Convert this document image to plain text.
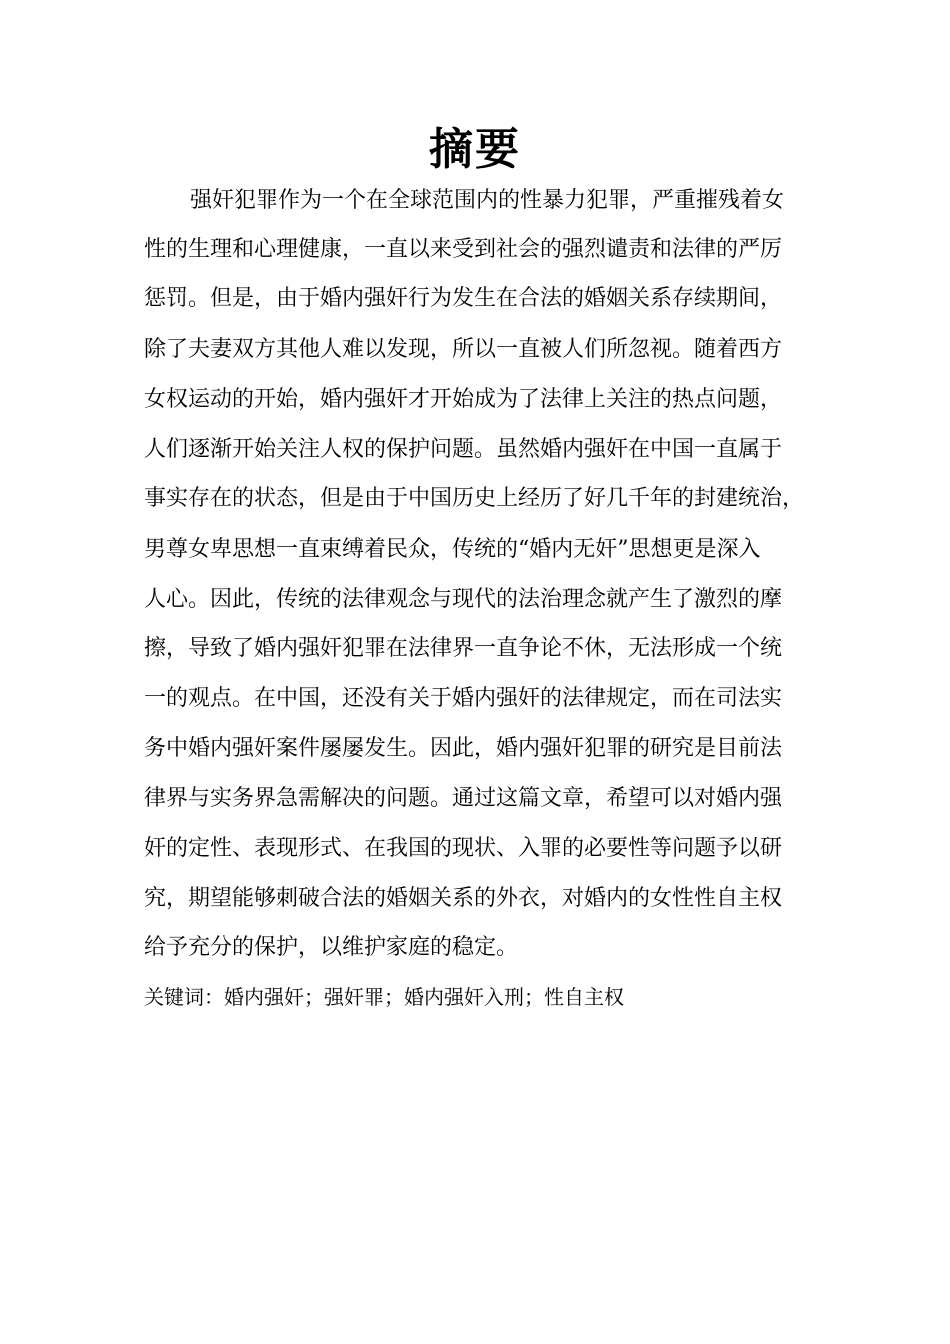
摘要
强奸犯罪作为一个在全球范围内的性暴力犯罪，严重摧残着女
性的生理和心理健康，一直以来受到社会的强烈谴责和法律的严厉
惩罚。但是，由于婚内强奸行为发生在合法的婚姻关系存续期间，
除了夫妻双方其他人难以发现，所以一直被人们所忽视。随着西方
女权运动的开始，婚内强奸才开始成为了法律上关注的热点问题，
人们逐渐开始关注人权的保护问题。虽然婚内强奸在中国一直属于
事实存在的状态，但是由于中国历史上经历了好几千年的封建统治，
男尊女卑思想一直束缚着民众，传统的“婚内无奸”思想更是深入
人心。因此，传统的法律观念与现代的法治理念就产生了激烈的摩
擦，导致了婚内强奸犯罪在法律界一直争论不休，无法形成一个统
一的观点。在中国，还没有关于婚内强奸的法律规定，而在司法实
务中婚内强奸案件屡屡发生。因此，婚内强奸犯罪的研究是目前法
律界与实务界急需解决的问题。通过这篇文章，希望可以对婚内强
奸的定性、表现形式、在我国的现状、入罪的必要性等问题予以研
究，期望能够刺破合法的婚姻关系的外衣，对婚内的女性性自主权
给予充分的保护，以维护家庭的稳定。
关键词：婚内强奸；强奸罪；婚内强奸入刑；性自主权
